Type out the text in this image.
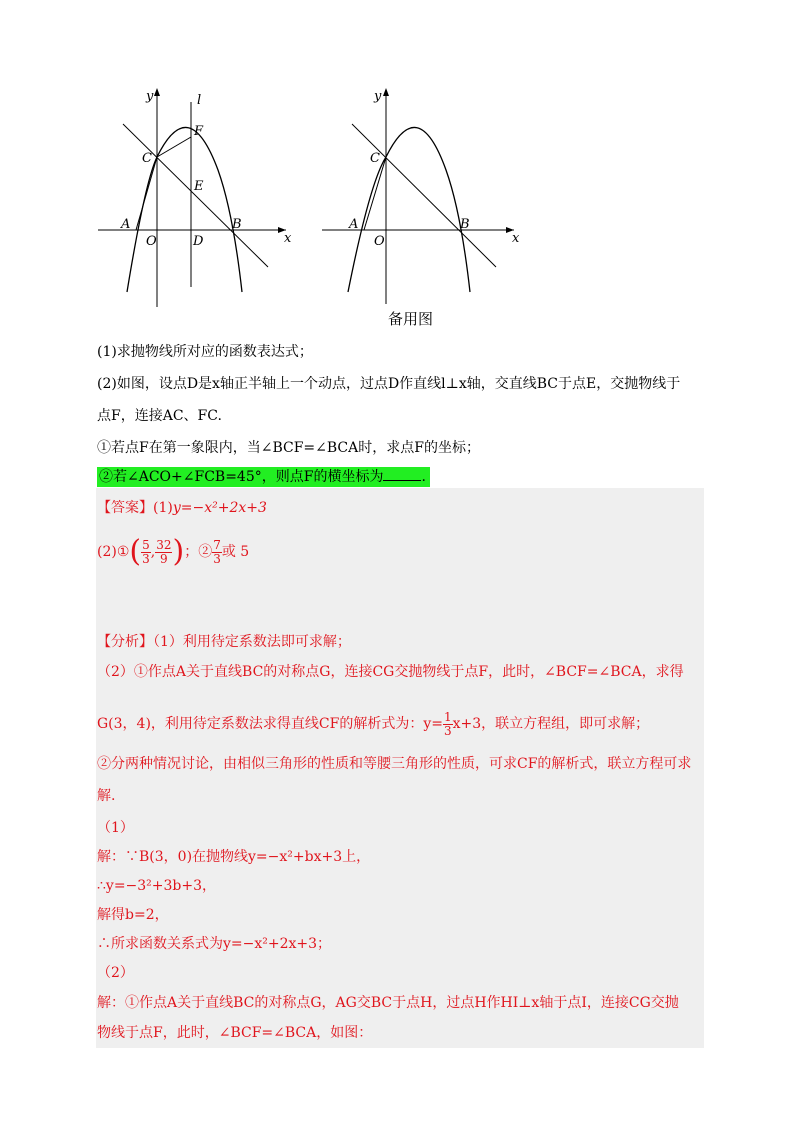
y
x
l
F
C
E
A
O	D
B
y
x
C
A
O
B
备用图
(1)求抛物线所对应的函数表达式；
(2)如图，设点D是x轴正半轴上一个动点，过点D作直线l⊥x轴，交直线BC于点E，交抛物线于
点F，连接AC、FC.
①若点F在第一象限内，当∠BCF=∠BCA时，求点F的坐标；
②若∠ACO+∠FCB=45°，则点F的横坐标为	.
【答案】(1)y=−x²+2x+3
(2)①( $\frac{5}{3}$ , $\frac{32}{9}$ )；② $\frac{7}{3}$ 或 5
【分析】（1）利用待定系数法即可求解；
（2）①作点A关于直线BC的对称点G，连接CG交抛物线于点F，此时，∠BCF=∠BCA，求得
G(3，4)，利用待定系数法求得直线CF的解析式为：$y= \frac{1}{3} x+3$，联立方程组，即可求解；
②分两种情况讨论，由相似三角形的性质和等腰三角形的性质，可求CF的解析式，联立方程可求
解.
（1）
解：∵B(3，0)在抛物线y=−x²+bx+3上，
∴y=−3²+3b+3，
解得b=2，
∴所求函数关系式为y=−x²+2x+3；
（2）
解：①作点A关于直线BC的对称点G，AG交BC于点H，过点H作HI⊥x轴于点I，连接CG交抛
物线于点F，此时，∠BCF=∠BCA，如图：
